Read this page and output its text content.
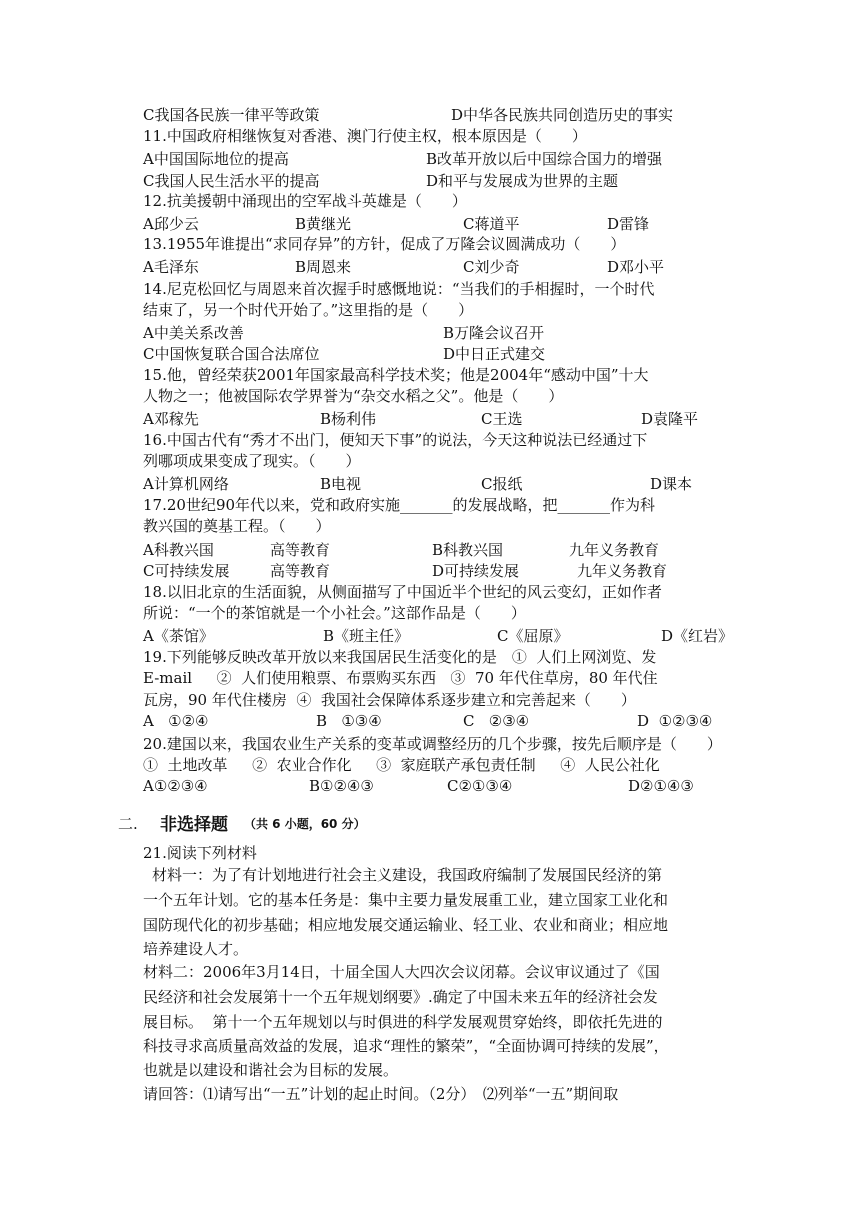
C我国各民族一律平等政策	D中华各民族共同创造历史的事实
11.中国政府相继恢复对香港、澳门行使主权，根本原因是（　　）
A中国国际地位的提高	B改革开放以后中国综合国力的增强
C我国人民生活水平的提高	D和平与发展成为世界的主题
12.抗美援朝中涌现出的空军战斗英雄是（　　）
A邱少云	B黄继光	C蒋道平	D雷锋
13.1955年谁提出“求同存异”的方针，促成了万隆会议圆满成功（　　）
A毛泽东	B周恩来	C刘少奇	D邓小平
14.尼克松回忆与周恩来首次握手时感慨地说：“当我们的手相握时，一个时代
结束了，另一个时代开始了。”这里指的是（　　）
A中美关系改善	B万隆会议召开
C中国恢复联合国合法席位	D中日正式建交
15.他，曾经荣获2001年国家最高科学技术奖；他是2004年“感动中国”十大
人物之一；他被国际农学界誉为“杂交水稻之父”。他是（　　）
A邓稼先	B杨利伟	C王选	D袁隆平
16.中国古代有“秀才不出门，便知天下事”的说法，今天这种说法已经通过下
列哪项成果变成了现实。（　　）
A计算机网络	B电视	C报纸	D课本
17.20世纪90年代以来，党和政府实施_______的发展战略，把_______作为科
教兴国的奠基工程。（　　）
A科教兴国	高等教育	B科教兴国	九年义务教育
C可持续发展	高等教育	D可持续发展	九年义务教育
18.以旧北京的生活面貌，从侧面描写了中国近半个世纪的风云变幻，正如作者
所说：“一个的茶馆就是一个小社会。”这部作品是（　　）
A《茶馆》	B《班主任》	C《屈原》	D《红岩》
19.下列能够反映改革开放以来我国居民生活变化的是　①  人们上网浏览、发
E-mail　  ②  人们使用粮票、布票购买东西   ③  70 年代住草房，80 年代住
瓦房，90 年代住楼房  ④  我国社会保障体系逐步建立和完善起来（　　）
A   ①②④	B   ①③④	C   ②③④	D  ①②③④
20.建国以来，我国农业生产关系的变革或调整经历的几个步骤，按先后顺序是（　　）
①  土地改革　  ②  农业合作化　  ③  家庭联产承包责任制　  ④  人民公社化
A①②③④	B①②④③	C②①③④	D②①④③
二. 非选择题 （共 6 小题，60 分）
21.阅读下列材料
材料一：为了有计划地进行社会主义建设，我国政府编制了发展国民经济的第
一个五年计划。它的基本任务是：集中主要力量发展重工业，建立国家工业化和
国防现代化的初步基础；相应地发展交通运输业、轻工业、农业和商业；相应地
培养建设人才。
材料二：2006年3月14日，十届全国人大四次会议闭幕。会议审议通过了《国
民经济和社会发展第十一个五年规划纲要》.确定了中国未来五年的经济社会发
展目标。  第十一个五年规划以与时俱进的科学发展观贯穿始终，即依托先进的
科技寻求高质量高效益的发展，追求“理性的繁荣”，“全面协调可持续的发展”，
也就是以建设和谐社会为目标的发展。
请回答：⑴请写出“一五”计划的起止时间。（2分）　⑵列举“一五”期间取
